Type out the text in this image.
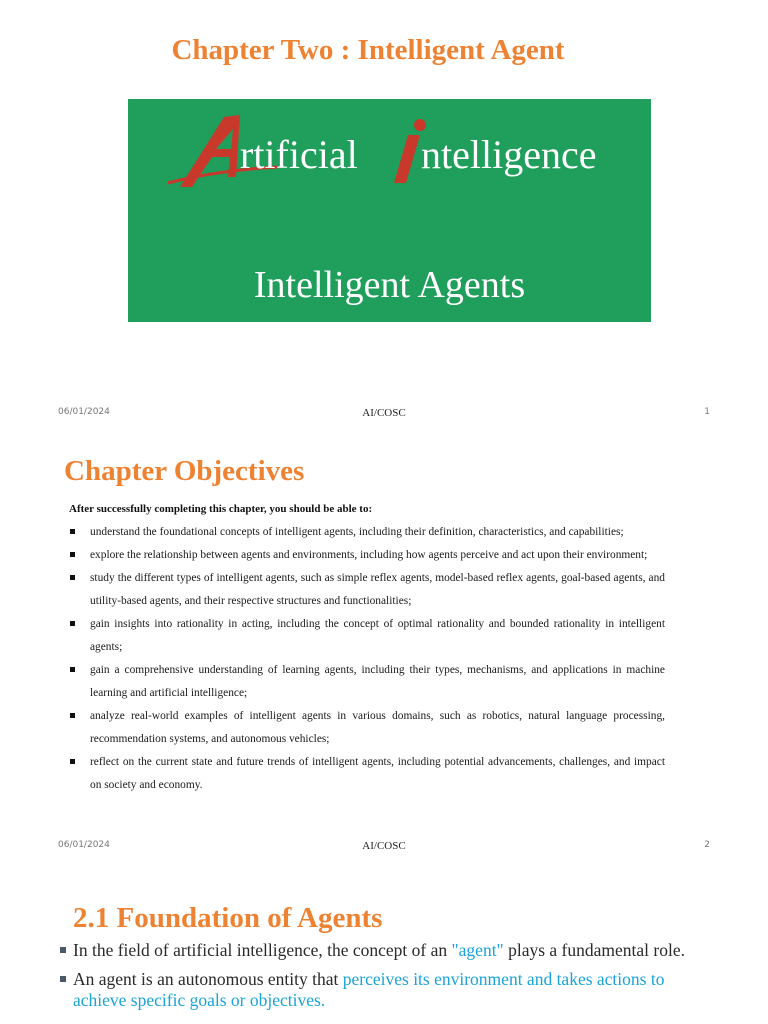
Chapter Two : Intelligent Agent
rtificial ntelligence
Intelligent Agents
06/01/2024	AI/COSC	1
Chapter Objectives
After successfully completing this chapter, you should be able to:
understand the foundational concepts of intelligent agents, including their definition, characteristics, and capabilities;
explore the relationship between agents and environments, including how agents perceive and act upon their environment;
study the different types of intelligent agents, such as simple reflex agents, model-based reflex agents, goal-based agents, and utility-based agents, and their respective structures and functionalities;
gain insights into rationality in acting, including the concept of optimal rationality and bounded rationality in intelligent agents;
gain a comprehensive understanding of learning agents, including their types, mechanisms, and applications in machine learning and artificial intelligence;
analyze real-world examples of intelligent agents in various domains, such as robotics, natural language processing, recommendation systems, and autonomous vehicles;
reflect on the current state and future trends of intelligent agents, including potential advancements, challenges, and impact on society and economy.
06/01/2024	AI/COSC	2
2.1 Foundation of Agents
In the field of artificial intelligence, the concept of an "agent" plays a fundamental role.
An agent is an autonomous entity that perceives its environment and takes actions to achieve specific goals or objectives.
